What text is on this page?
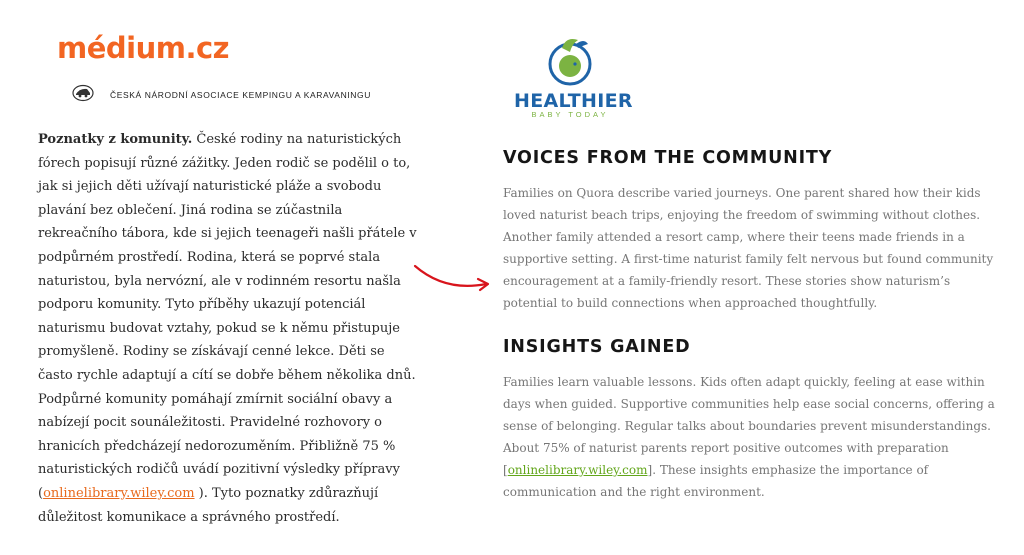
médium.cz
ČESKÁ NÁRODNÍ ASOCIACE KEMPINGU A KARAVANINGU
Poznatky z komunity. České rodiny na naturistických fórech popisují různé zážitky. Jeden rodič se podělil o to, jak si jejich děti užívají naturistické pláže a svobodu plavání bez oblečení. Jiná rodina se zúčastnila rekreačního tábora, kde si jejich teenageři našli přátele v podpůrném prostředí. Rodina, která se poprvé stala naturistou, byla nervózní, ale v rodinném resortu našla podporu komunity. Tyto příběhy ukazují potenciál naturismu budovat vztahy, pokud se k němu přistupuje promyšleně. Rodiny se získávají cenné lekce. Děti se často rychle adaptují a cítí se dobře během několika dnů. Podpůrné komunity pomáhají zmírnit sociální obavy a nabízejí pocit sounáležitosti. Pravidelné rozhovory o hranicích předcházejí nedorozuměním. Přibližně 75 % naturistických rodičů uvádí pozitivní výsledky přípravy (onlinelibrary.wiley.com ). Tyto poznatky zdůrazňují důležitost komunikace a správného prostředí.
HEALTHIER
BABY TODAY
VOICES FROM THE COMMUNITY
Families on Quora describe varied journeys. One parent shared how their kids loved naturist beach trips, enjoying the freedom of swimming without clothes. Another family attended a resort camp, where their teens made friends in a supportive setting. A first-time naturist family felt nervous but found community encouragement at a family-friendly resort. These stories show naturism’s potential to build connections when approached thoughtfully.
INSIGHTS GAINED
Families learn valuable lessons. Kids often adapt quickly, feeling at ease within days when guided. Supportive communities help ease social concerns, offering a sense of belonging. Regular talks about boundaries prevent misunderstandings. About 75% of naturist parents report positive outcomes with preparation [onlinelibrary.wiley.com]. These insights emphasize the importance of communication and the right environment.
